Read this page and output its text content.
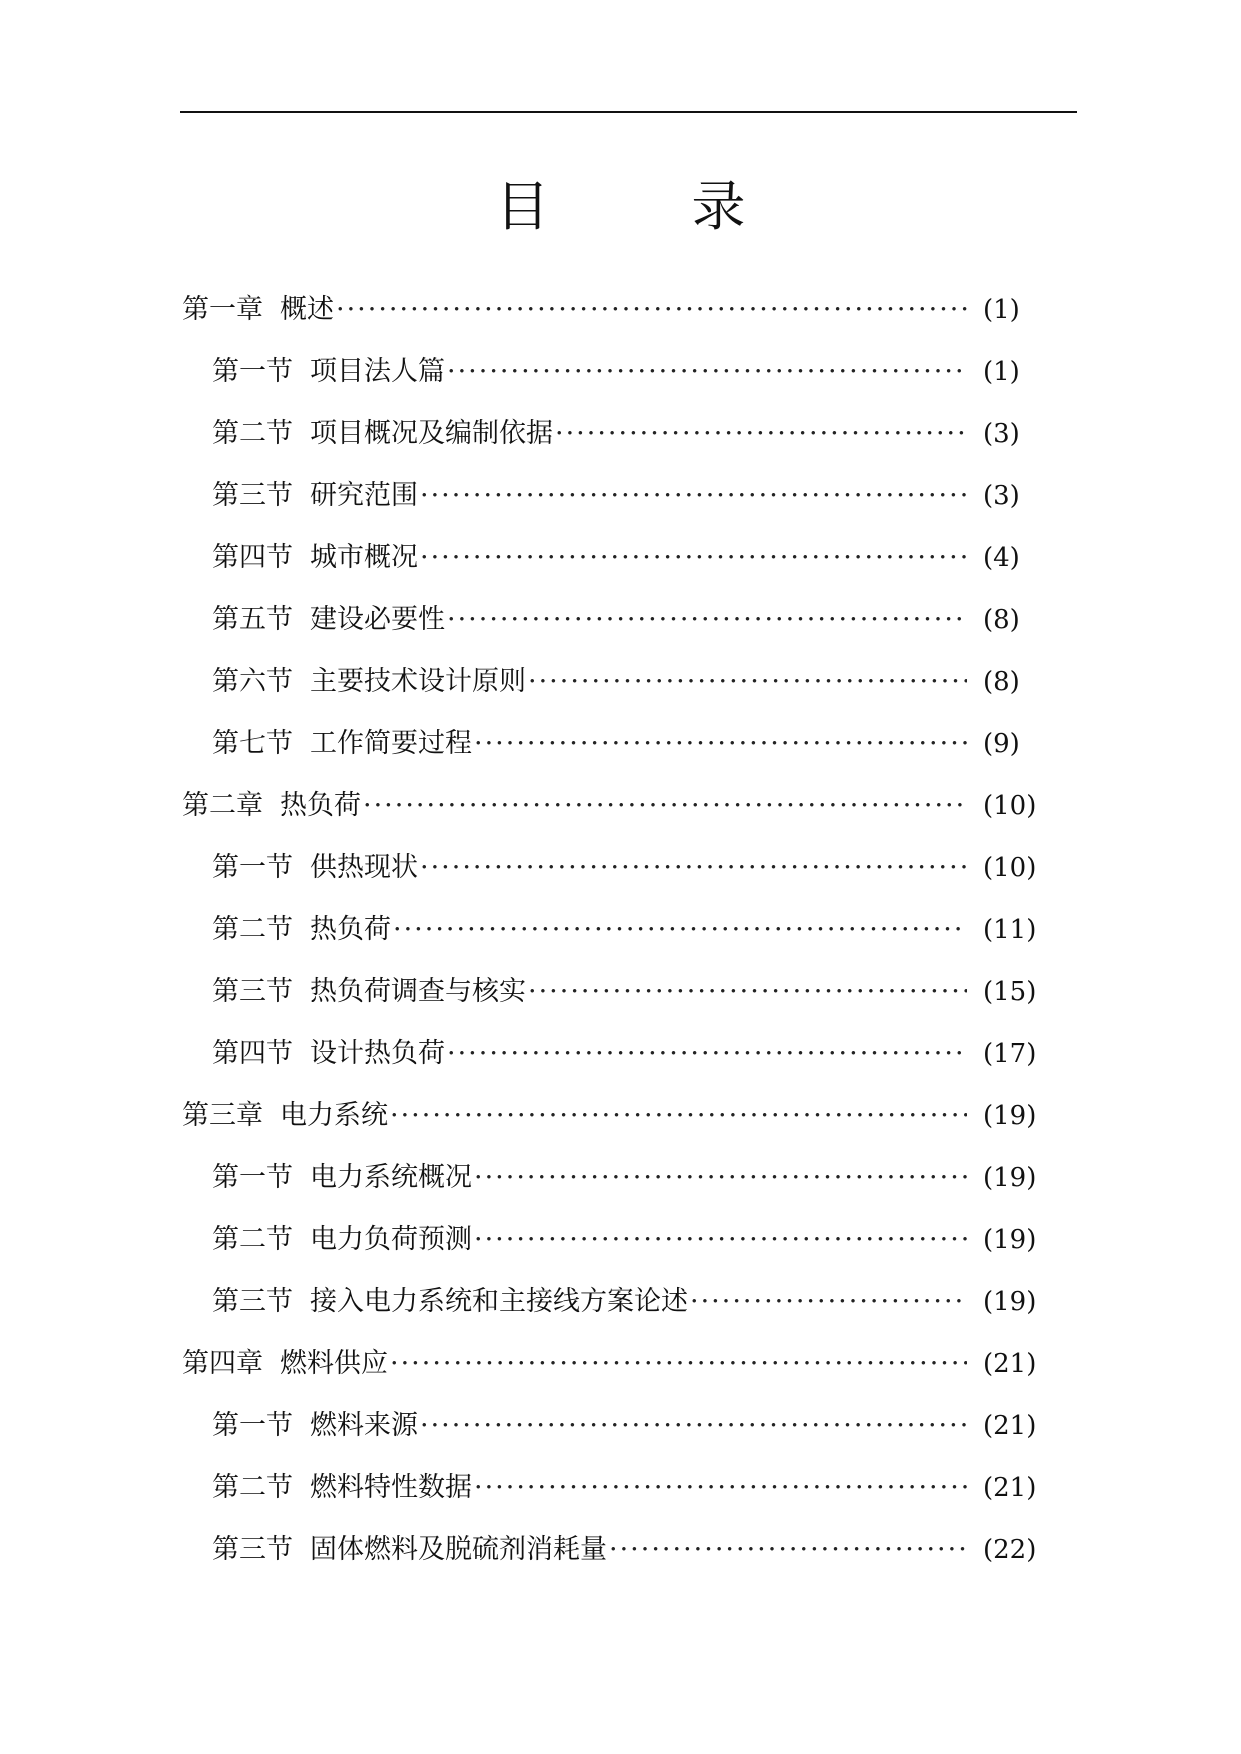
目　录
第一章 概述 ·····	(1)
第一节 项目法人篇 ·····	(1)
第二节 项目概况及编制依据 ·····	(3)
第三节 研究范围 ·····	(3)
第四节 城市概况 ·····	(4)
第五节 建设必要性 ·····	(8)
第六节 主要技术设计原则 ·····	(8)
第七节 工作简要过程 ·····	(9)
第二章 热负荷 ·····	(10)
第一节 供热现状 ·····	(10)
第二节 热负荷 ·····	(11)
第三节 热负荷调查与核实 ·····	(15)
第四节 设计热负荷 ·····	(17)
第三章 电力系统 ·····	(19)
第一节 电力系统概况 ·····	(19)
第二节 电力负荷预测 ·····	(19)
第三节 接入电力系统和主接线方案论述 ·····	(19)
第四章 燃料供应 ·····	(21)
第一节 燃料来源 ·····	(21)
第二节 燃料特性数据 ·····	(21)
第三节 固体燃料及脱硫剂消耗量 ·····	(22)
